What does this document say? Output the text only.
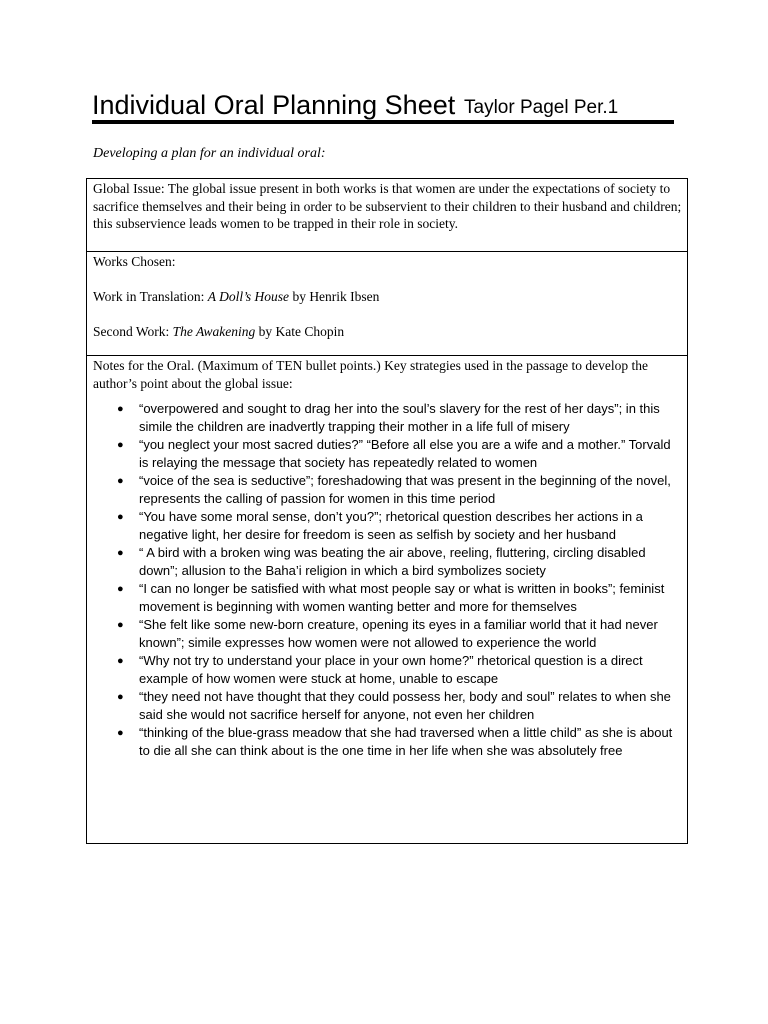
Individual Oral Planning Sheet Taylor Pagel Per.1
Developing a plan for an individual oral:
Global Issue: The global issue present in both works is that women are under the expectations of society to sacrifice themselves and their being in order to be subservient to their children to their husband and children; this subservience leads women to be trapped in their role in society.
Works Chosen:
Work in Translation: A Doll’s House by Henrik Ibsen
Second Work: The Awakening by Kate Chopin

Notes for the Oral. (Maximum of TEN bullet points.) Key strategies used in the passage to develop the author’s point about the global issue:

● “overpowered and sought to drag her into the soul’s slavery for the rest of her days”; in this simile the children are inadvertly trapping their mother in a life full of misery
● “you neglect your most sacred duties?” “Before all else you are a wife and a mother.” Torvald is relaying the message that society has repeatedly related to women
● “voice of the sea is seductive”; foreshadowing that was present in the beginning of the novel, represents the calling of passion for women in this time period
● “You have some moral sense, don’t you?”; rhetorical question describes her actions in a negative light, her desire for freedom is seen as selfish by society and her husband
● “ A bird with a broken wing was beating the air above, reeling, fluttering, circling disabled down”; allusion to the Baha’i religion in which a bird symbolizes society
● “I can no longer be satisfied with what most people say or what is written in books”; feminist movement is beginning with women wanting better and more for themselves
● “She felt like some new-born creature, opening its eyes in a familiar world that it had never known”; simile expresses how women were not allowed to experience the world
● “Why not try to understand your place in your own home?” rhetorical question is a direct example of how women were stuck at home, unable to escape
● “they need not have thought that they could possess her, body and soul” relates to when she said she would not sacrifice herself for anyone, not even her children
● “thinking of the blue-grass meadow that she had traversed when a little child” as she is about to die all she can think about is the one time in her life when she was absolutely free
